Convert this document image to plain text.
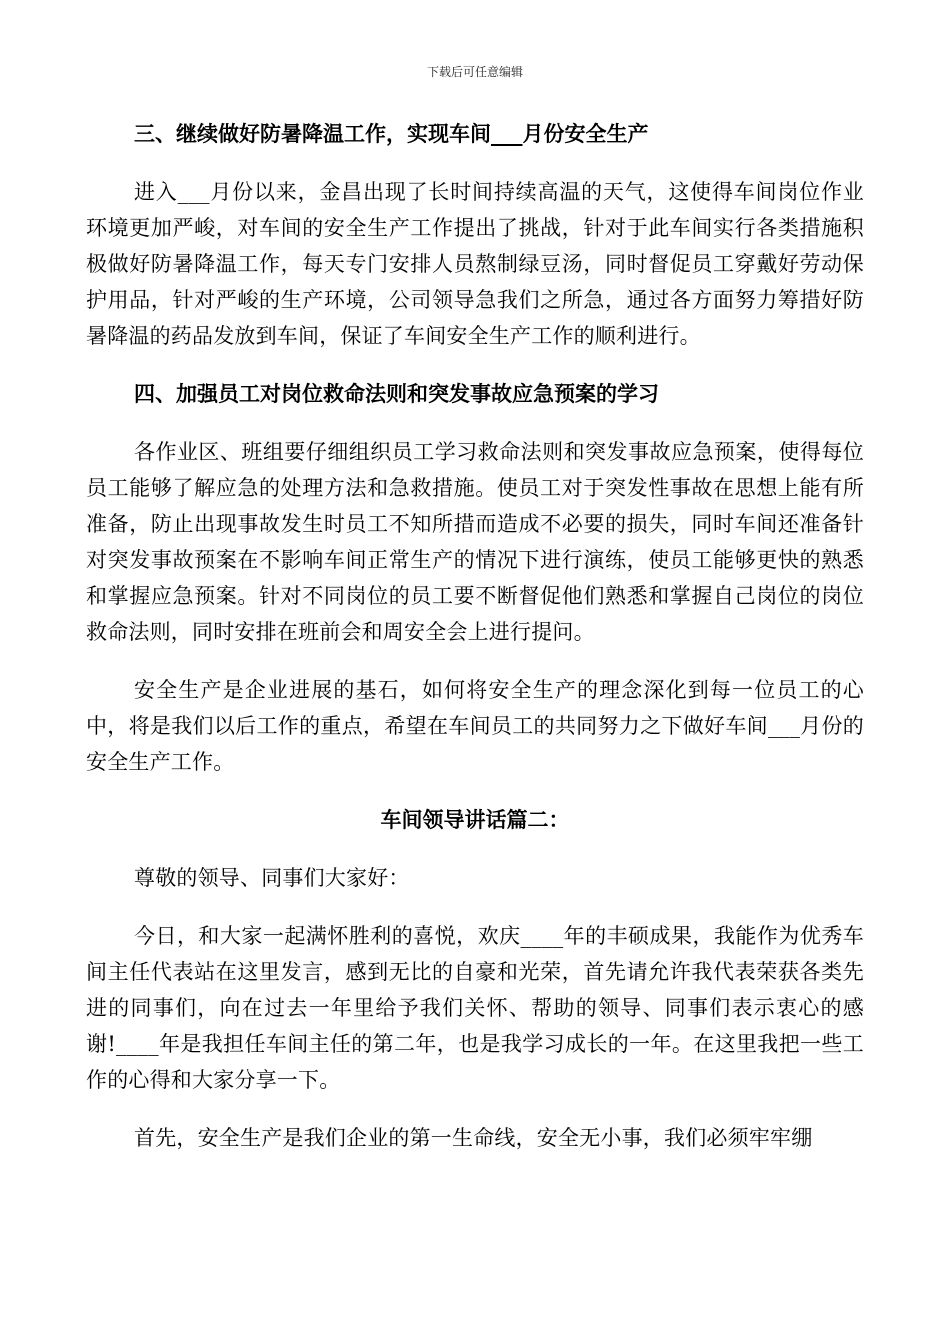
下载后可任意编辑
三、继续做好防暑降温工作，实现车间___月份安全生产
进入___月份以来，金昌出现了长时间持续高温的天气，这使得车间岗位作业环境更加严峻，对车间的安全生产工作提出了挑战，针对于此车间实行各类措施积极做好防暑降温工作，每天专门安排人员熬制绿豆汤，同时督促员工穿戴好劳动保护用品，针对严峻的生产环境，公司领导急我们之所急，通过各方面努力筹措好防暑降温的药品发放到车间，保证了车间安全生产工作的顺利进行。
四、加强员工对岗位救命法则和突发事故应急预案的学习
各作业区、班组要仔细组织员工学习救命法则和突发事故应急预案，使得每位员工能够了解应急的处理方法和急救措施。使员工对于突发性事故在思想上能有所准备，防止出现事故发生时员工不知所措而造成不必要的损失，同时车间还准备针对突发事故预案在不影响车间正常生产的情况下进行演练，使员工能够更快的熟悉和掌握应急预案。针对不同岗位的员工要不断督促他们熟悉和掌握自己岗位的岗位救命法则，同时安排在班前会和周安全会上进行提问。
安全生产是企业进展的基石，如何将安全生产的理念深化到每一位员工的心中，将是我们以后工作的重点，希望在车间员工的共同努力之下做好车间___月份的安全生产工作。
车间领导讲话篇二：
尊敬的领导、同事们大家好：
今日，和大家一起满怀胜利的喜悦，欢庆____年的丰硕成果，我能作为优秀车间主任代表站在这里发言，感到无比的自豪和光荣，首先请允许我代表荣获各类先进的同事们，向在过去一年里给予我们关怀、帮助的领导、同事们表示衷心的感谢!____年是我担任车间主任的第二年，也是我学习成长的一年。在这里我把一些工作的心得和大家分享一下。
首先，安全生产是我们企业的第一生命线，安全无小事，我们必须牢牢绷
